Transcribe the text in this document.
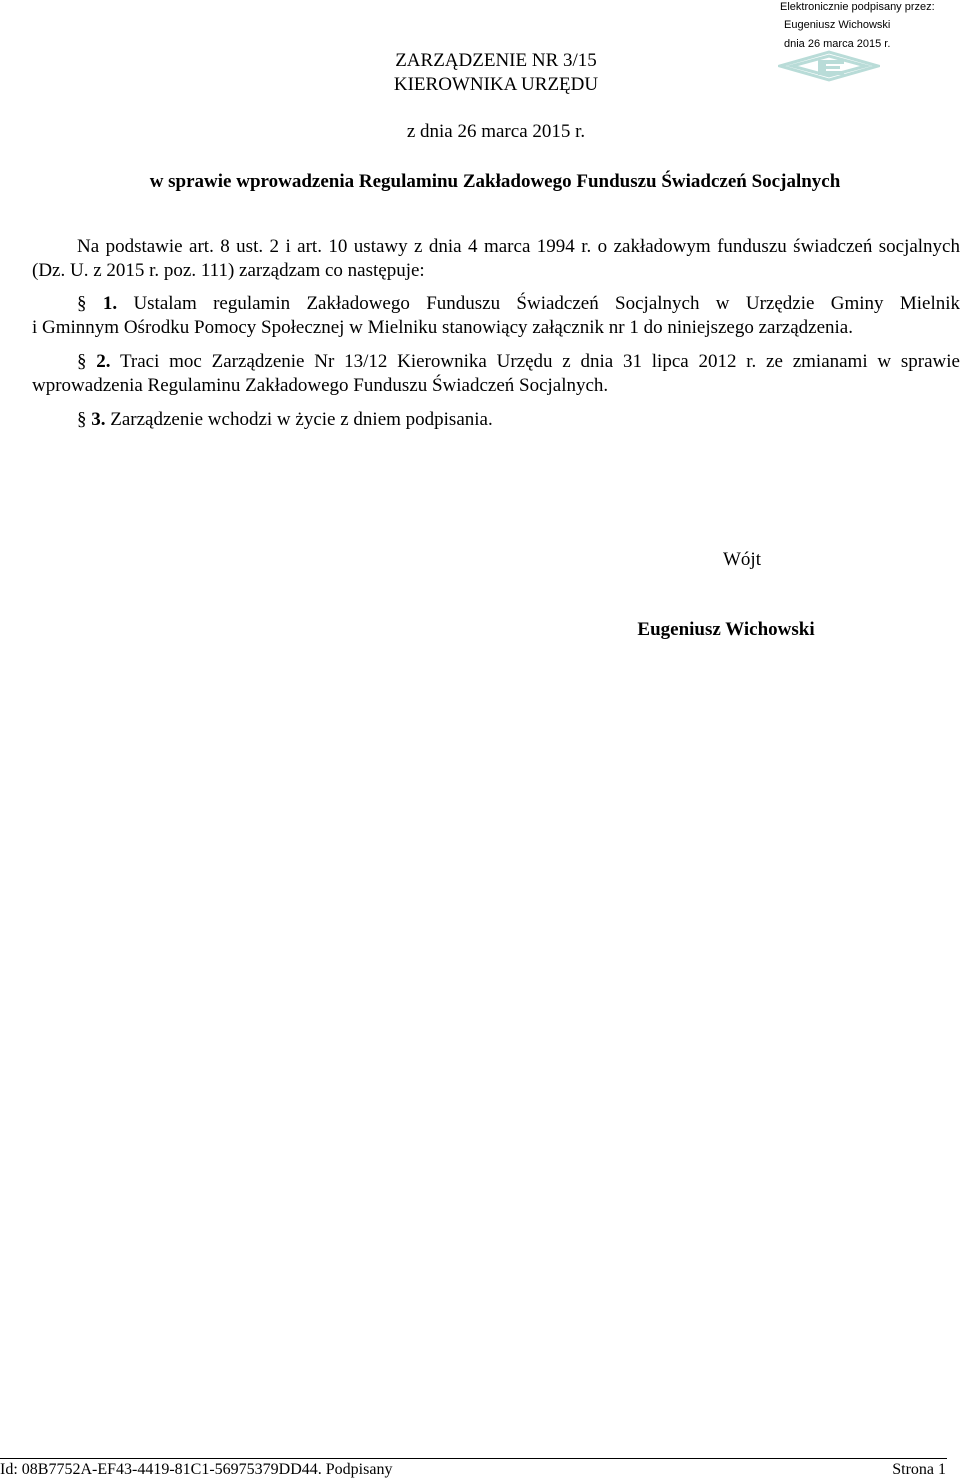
Elektronicznie podpisany przez:
Eugeniusz Wichowski
dnia 26 marca 2015 r.
ZARZĄDZENIE NR 3/15
KIEROWNIKA URZĘDU
z dnia 26 marca 2015 r.
w sprawie wprowadzenia Regulaminu Zakładowego Funduszu Świadczeń Socjalnych
Na podstawie art. 8 ust. 2 i art. 10 ustawy z dnia 4 marca 1994 r. o zakładowym funduszu świadczeń socjalnych
(Dz. U. z 2015 r. poz. 111) zarządzam co następuje:
§ 1. Ustalam regulamin Zakładowego Funduszu Świadczeń Socjalnych w Urzędzie Gminy Mielnik
i Gminnym Ośrodku Pomocy Społecznej w Mielniku stanowiący załącznik nr 1 do niniejszego zarządzenia.
§ 2. Traci moc Zarządzenie Nr 13/12 Kierownika Urzędu z dnia 31 lipca 2012 r. ze zmianami w sprawie
wprowadzenia Regulaminu Zakładowego Funduszu Świadczeń Socjalnych.
§ 3. Zarządzenie wchodzi w życie z dniem podpisania.
Wójt
Eugeniusz Wichowski
Id: 08B7752A-EF43-4419-81C1-56975379DD44. Podpisany	Strona 1
